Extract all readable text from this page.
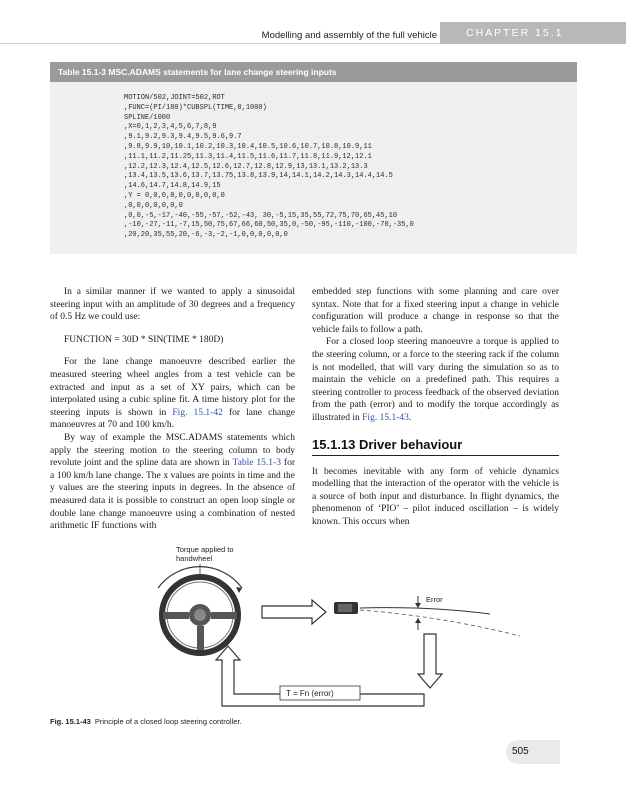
Modelling and assembly of the full vehicle	CHAPTER 15.1
Table 15.1-3 MSC.ADAMS statements for lane change steering inputs
MOTION/502,JOINT=502,ROT
,FUNC=(PI/180)*CUBSPL(TIME,0,1000)
SPLINE/1000
,X=0,1,2,3,4,5,6,7,8,9
,9.1,9.2,9.3,9.4,9.5,9.6,9.7
,9.8,9.9,10,10.1,10.2,10.3,10.4,10.5,10.6,10.7,10.8,10.9,11
,11.1,11.2,11.25,11.3,11.4,11.5,11.6,11.7,11.8,11.9,12,12.1
,12.2,12.3,12.4,12.5,12.6,12.7,12.8,12.9,13,13.1,13.2,13.3
,13.4,13.5,13.6,13.7,13.75,13.8,13.9,14,14.1,14.2,14.3,14.4,14.5
,14.6,14.7,14.8,14.9,15
,Y = 0,0,0,0,0,0,0,0,0,0
,0,0,0,0,0,0,0
,0,0,-5,-17,-40,-55,-57,-52,-43, 30,-5,15,35,55,72,75,70,65,45,10
,-10,-27,-11,-7,15,50,75,67,66,60,50,35,0,-50,-95,-110,-100,-70,-35,0
,20,20,35,55,20,-6,-3,-2,-1,0,0,0,0,0,0

In a similar manner if we wanted to apply a sinusoidal steering input with an amplitude of 30 degrees and a frequency of 0.5 Hz we could use:

FUNCTION = 30D * SIN(TIME * 180D)

For the lane change manoeuvre described earlier the measured steering wheel angles from a test vehicle can be extracted and input as a set of XY pairs, which can be interpolated using a cubic spline fit. A time history plot for the steering inputs is shown in Fig. 15.1-42 for lane change manoeuvres at 70 and 100 km/h.

By way of example the MSC.ADAMS statements which apply the steering motion to the steering column to body revolute joint and the spline data are shown in Table 15.1-3 for a 100 km/h lane change. The x values are points in time and the y values are the steering inputs in degrees. In the absence of measured data it is possible to construct an open loop single or double lane change manoeuvre using a combination of nested arithmetic IF functions with

embedded step functions with some planning and care over syntax. Note that for a fixed steering input a change in vehicle configuration will produce a change in response so that the vehicle fails to follow a path.

For a closed loop steering manoeuvre a torque is applied to the steering column, or a force to the steering rack if the column is not modelled, that will vary during the simulation so as to maintain the vehicle on a predefined path. This requires a steering controller to process feedback of the observed deviation from the path (error) and to modify the torque accordingly as illustrated in Fig. 15.1-43.

15.1.13 Driver behaviour

It becomes inevitable with any form of vehicle dynamics modelling that the interaction of the operator with the vehicle is a source of both input and disturbance. In flight dynamics, the phenomenon of ‘PIO’ – pilot induced oscillation – is widely known. This occurs when

Torque applied to
handwheel
T = Fn (error)
Error
Fig. 15.1-43 Principle of a closed loop steering controller.
505
